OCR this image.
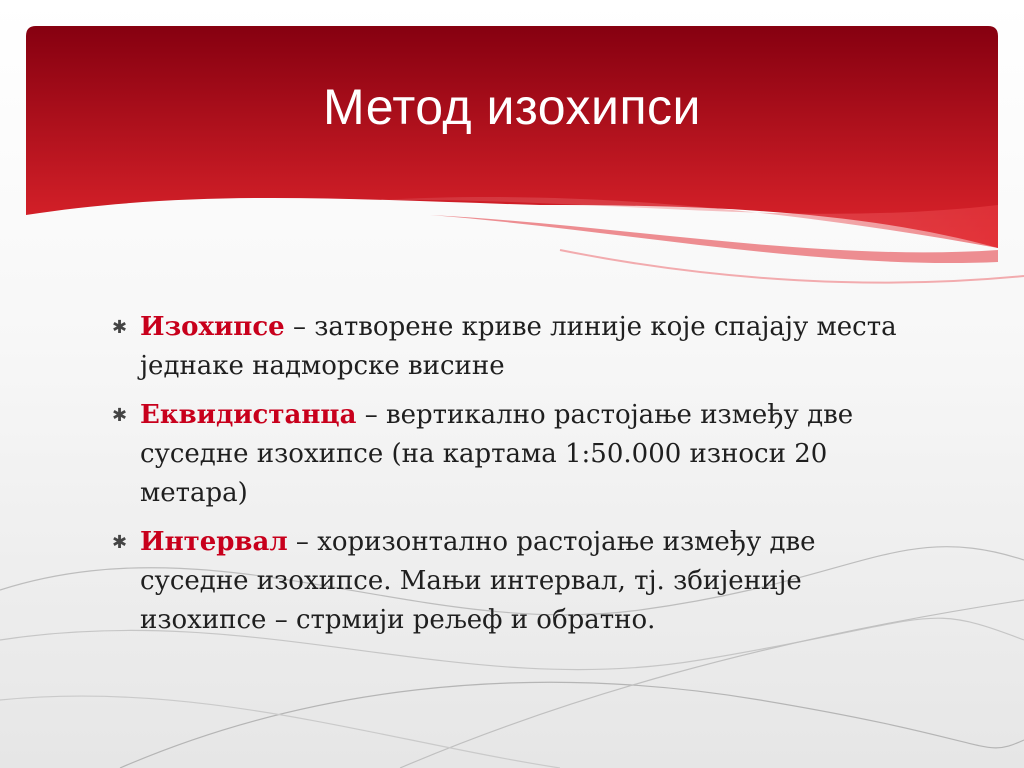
Метод изохипси
✱ Изохипсе – затворене криве линије које спајају места једнаке надморске висине
✱ Еквидистанца – вертикално растојање између две суседне изохипсе (на картама 1:50.000 износи 20 метара)
✱ Интервал – хоризонтално растојање између две суседне изохипсе. Мањи интервал, тј. збијеније изохипсе – стрмији рељеф и обратно.
